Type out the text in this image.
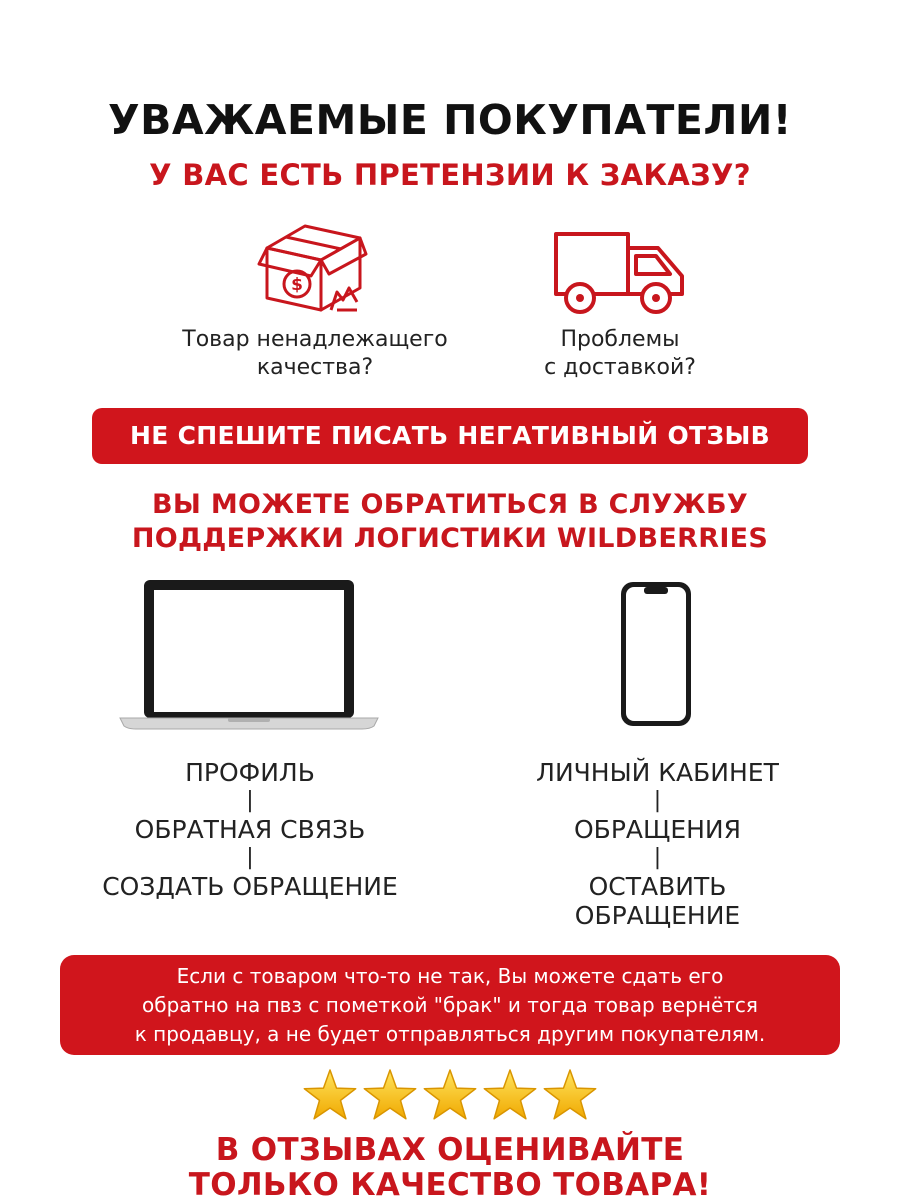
УВАЖАЕМЫЕ ПОКУПАТЕЛИ!
У ВАС ЕСТЬ ПРЕТЕНЗИИ К ЗАКАЗУ?
$
Товар ненадлежащего
качества?
Проблемы
с доставкой?
НЕ СПЕШИТЕ ПИСАТЬ НЕГАТИВНЫЙ ОТЗЫВ
ВЫ МОЖЕТЕ ОБРАТИТЬСЯ В СЛУЖБУ
ПОДДЕРЖКИ ЛОГИСТИКИ WILDBERRIES
ПРОФИЛЬ
|
ОБРАТНАЯ СВЯЗЬ
|
СОЗДАТЬ ОБРАЩЕНИЕ
ЛИЧНЫЙ КАБИНЕТ
|
ОБРАЩЕНИЯ
|
ОСТАВИТЬ
ОБРАЩЕНИЕ
Если с товаром что-то не так, Вы можете сдать его
обратно на пвз с пометкой "брак" и тогда товар вернётся
к продавцу, а не будет отправляться другим покупателям.
В ОТЗЫВАХ ОЦЕНИВАЙТЕ
ТОЛЬКО КАЧЕСТВО ТОВАРА!
